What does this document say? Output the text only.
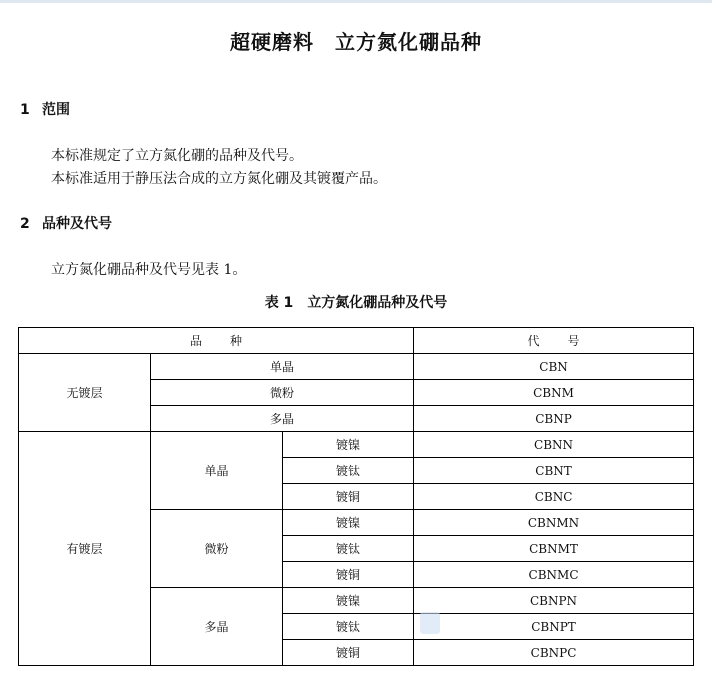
超硬磨料　立方氮化硼品种
1 范围
本标准规定了立方氮化硼的品种及代号。
本标准适用于静压法合成的立方氮化硼及其镀覆产品。
2 品种及代号
立方氮化硼品种及代号见表 1。
表 1 立方氮化硼品种及代号
品种			代号
无镀层	单晶		CBN
	微粉		CBNM
	多晶		CBNP
有镀层	单晶	镀镍	CBNN
		镀钛	CBNT
		镀铜	CBNC
	微粉	镀镍	CBNMN
		镀钛	CBNMT
		镀铜	CBNMC
	多晶	镀镍	CBNPN
		镀钛	CBNPT
		镀铜	CBNPC
